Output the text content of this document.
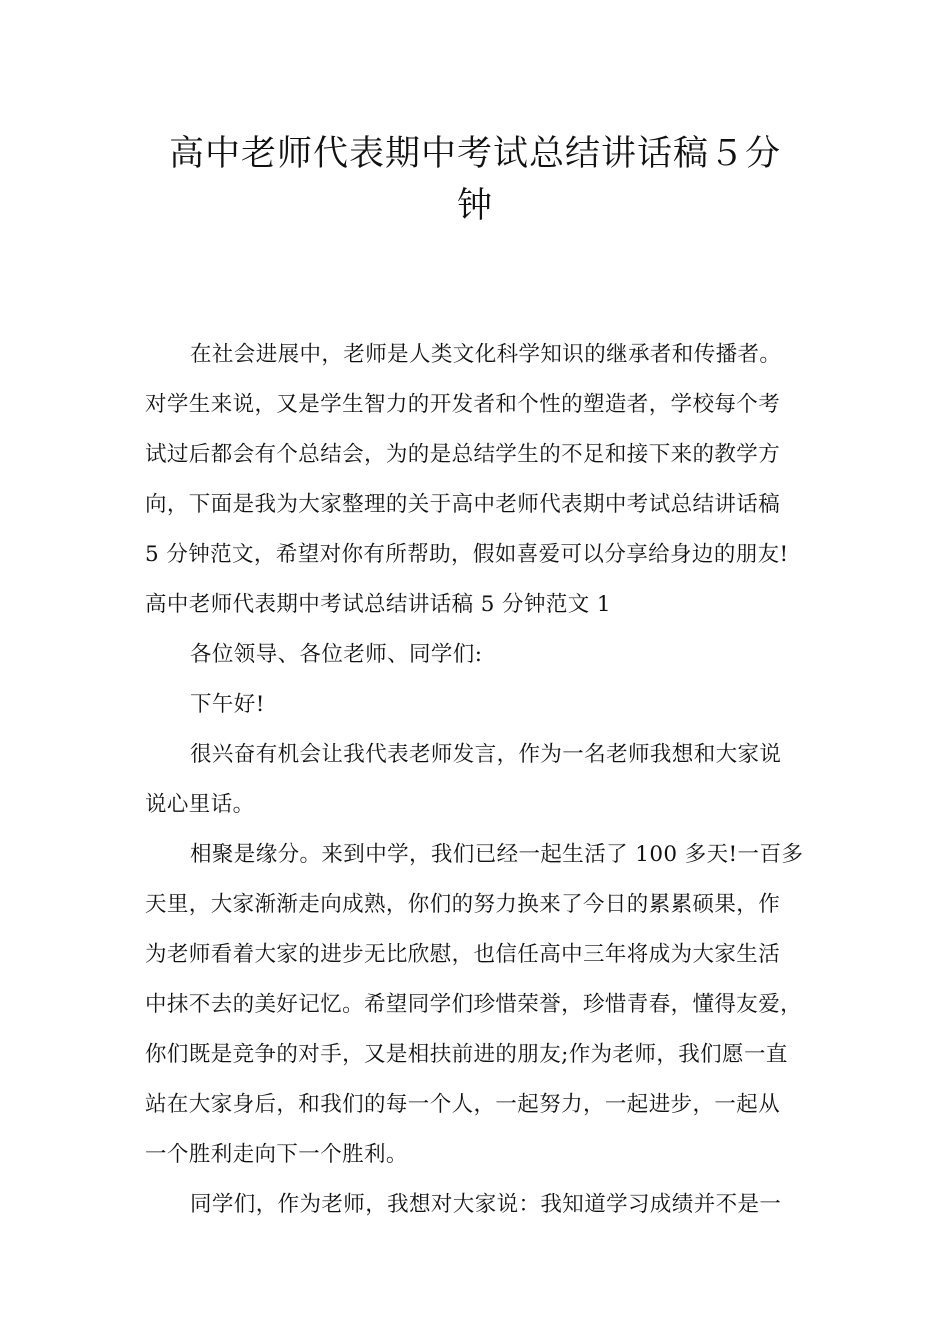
高中老师代表期中考试总结讲话稿５分
钟
在社会进展中，老师是人类文化科学知识的继承者和传播者。
对学生来说，又是学生智力的开发者和个性的塑造者，学校每个考
试过后都会有个总结会，为的是总结学生的不足和接下来的教学方
向，下面是我为大家整理的关于高中老师代表期中考试总结讲话稿
5 分钟范文，希望对你有所帮助，假如喜爱可以分享给身边的朋友!
高中老师代表期中考试总结讲话稿 5 分钟范文 1
各位领导、各位老师、同学们:
下午好!
很兴奋有机会让我代表老师发言，作为一名老师我想和大家说
说心里话。
相聚是缘分。来到中学，我们已经一起生活了 100 多天!一百多
天里，大家渐渐走向成熟，你们的努力换来了今日的累累硕果，作
为老师看着大家的进步无比欣慰，也信任高中三年将成为大家生活
中抹不去的美好记忆。希望同学们珍惜荣誉，珍惜青春，懂得友爱，
你们既是竞争的对手，又是相扶前进的朋友;作为老师，我们愿一直
站在大家身后，和我们的每一个人，一起努力，一起进步，一起从
一个胜利走向下一个胜利。
同学们，作为老师，我想对大家说：我知道学习成绩并不是一
